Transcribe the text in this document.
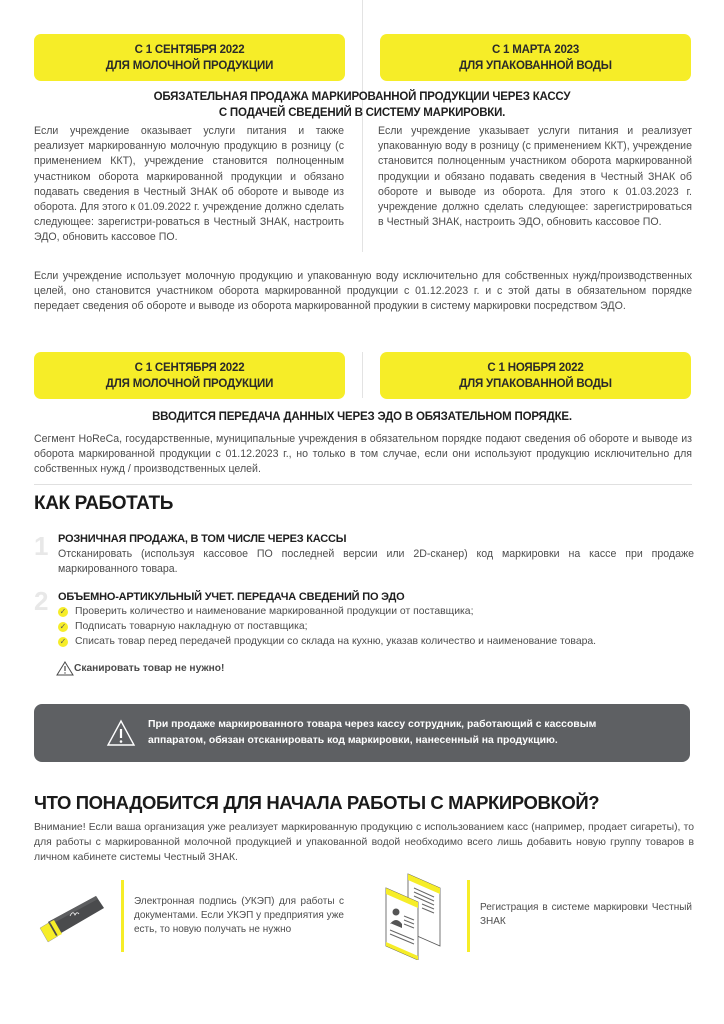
С 1 СЕНТЯБРЯ 2022
ДЛЯ МОЛОЧНОЙ ПРОДУКЦИИ
С 1 МАРТА 2023
ДЛЯ УПАКОВАННОЙ ВОДЫ
ОБЯЗАТЕЛЬНАЯ ПРОДАЖА МАРКИРОВАННОЙ ПРОДУКЦИИ ЧЕРЕЗ КАССУ
С ПОДАЧЕЙ СВЕДЕНИЙ В СИСТЕМУ МАРКИРОВКИ.
Если учреждение оказывает услуги питания и также реализует маркированную молочную продукцию в розницу (с применением ККТ), учреждение становится полноценным участником оборота маркированной продукции и обязано подавать сведения в Честный ЗНАК об обороте и выводе из оборота. Для этого к 01.09.2022 г. учреждение должно сделать следующее: зарегистри-роваться в Честный ЗНАК, настроить ЭДО, обновить кассовое ПО.
Если учреждение указывает услуги питания и реализует упакованную воду в розницу (с применением ККТ), учреждение становится полноценным участником оборота маркированной продукции и обязано подавать сведения в Честный ЗНАК об обороте и выводе из оборота. Для этого к 01.03.2023 г. учреждение должно сделать следующее: зарегистрироваться в Честный ЗНАК, настроить ЭДО, обновить кассовое ПО.
Если учреждение использует молочную продукцию и упакованную воду исключительно для собственных нужд/производственных целей, оно становится участником оборота маркированной продукции с 01.12.2023 г. и с этой даты в обязательном порядке передает сведения об обороте и выводе из оборота маркированной продукии в систему маркировки посредством ЭДО.
С 1 СЕНТЯБРЯ 2022
ДЛЯ МОЛОЧНОЙ ПРОДУКЦИИ
С 1 НОЯБРЯ 2022
ДЛЯ УПАКОВАННОЙ ВОДЫ
ВВОДИТСЯ ПЕРЕДАЧА ДАННЫХ ЧЕРЕЗ ЭДО В ОБЯЗАТЕЛЬНОМ ПОРЯДКЕ.
Сегмент HoReCa, государственные, муниципальные учреждения в обязательном порядке подают сведения об обороте и выводе из оборота маркированной продукции с 01.12.2023 г., но только в том случае, если они используют продукцию исключительно для собственных нужд / производственных целей.
КАК РАБОТАТЬ
1 РОЗНИЧНАЯ ПРОДАЖА, В ТОМ ЧИСЛЕ ЧЕРЕЗ КАССЫ
Отсканировать (используя кассовое ПО последней версии или 2D-сканер) код маркировки на кассе при продаже маркированного товара.
2 ОБЪЕМНО-АРТИКУЛЬНЫЙ УЧЕТ. ПЕРЕДАЧА СВЕДЕНИЙ ПО ЭДО
✓ Проверить количество и наименование маркированной продукции от поставщика;
✓ Подписать товарную накладную от поставщика;
✓ Списать товар перед передачей продукции со склада на кухню, указав количество и наименование товара.
Сканировать товар не нужно!
При продаже маркированного товара через кассу сотрудник, работающий с кассовым
аппаратом, обязан отсканировать код маркировки, нанесенный на продукцию.
ЧТО ПОНАДОБИТСЯ ДЛЯ НАЧАЛА РАБОТЫ С МАРКИРОВКОЙ?
Внимание! Если ваша организация уже реализует маркированную продукцию с использованием касс (например, продает сигареты), то для работы с маркированной молочной продукцией и упакованной водой необходимо всего лишь добавить новую группу товаров в личном кабинете системы Честный ЗНАК.
Электронная подпись (УКЭП) для работы с документами. Если УКЭП у предприятия уже есть, то новую получать не нужно
Регистрация в системе маркировки Честный ЗНАК
